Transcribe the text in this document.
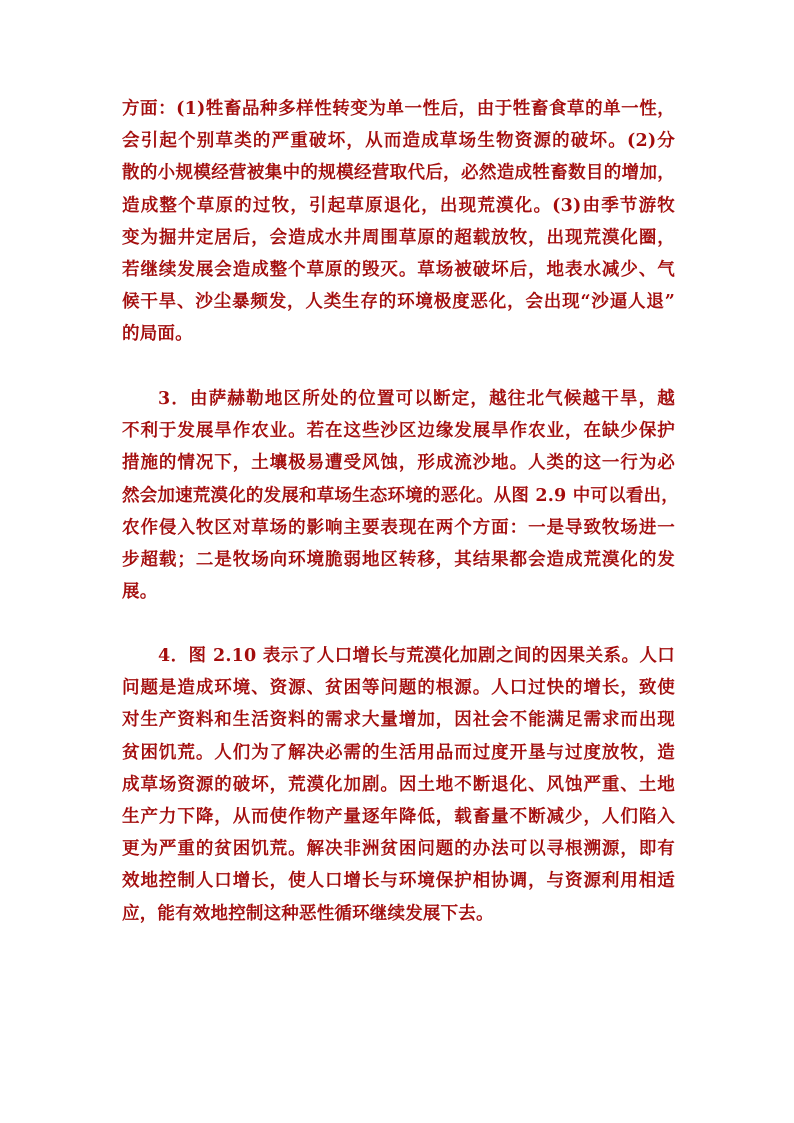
方面：(1)牲畜品种多样性转变为单一性后，由于牲畜食草的单一性，
会引起个别草类的严重破坏，从而造成草场生物资源的破坏。(2)分
散的小规模经营被集中的规模经营取代后，必然造成牲畜数目的增加，
造成整个草原的过牧，引起草原退化，出现荒漠化。(3)由季节游牧
变为掘井定居后，会造成水井周围草原的超载放牧，出现荒漠化圈，
若继续发展会造成整个草原的毁灭。草场被破坏后，地表水减少、气
候干旱、沙尘暴频发，人类生存的环境极度恶化，会出现“沙逼人退”
的局面。
3．由萨赫勒地区所处的位置可以断定，越往北气候越干旱，越
不利于发展旱作农业。若在这些沙区边缘发展旱作农业，在缺少保护
措施的情况下，土壤极易遭受风蚀，形成流沙地。人类的这一行为必
然会加速荒漠化的发展和草场生态环境的恶化。从图 2.9 中可以看出，
农作侵入牧区对草场的影响主要表现在两个方面：一是导致牧场进一
步超载；二是牧场向环境脆弱地区转移，其结果都会造成荒漠化的发
展。
4．图 2.10 表示了人口增长与荒漠化加剧之间的因果关系。人口
问题是造成环境、资源、贫困等问题的根源。人口过快的增长，致使
对生产资料和生活资料的需求大量增加，因社会不能满足需求而出现
贫困饥荒。人们为了解决必需的生活用品而过度开垦与过度放牧，造
成草场资源的破坏，荒漠化加剧。因土地不断退化、风蚀严重、土地
生产力下降，从而使作物产量逐年降低，载畜量不断减少，人们陷入
更为严重的贫困饥荒。解决非洲贫困问题的办法可以寻根溯源，即有
效地控制人口增长，使人口增长与环境保护相协调，与资源利用相适
应，能有效地控制这种恶性循环继续发展下去。
